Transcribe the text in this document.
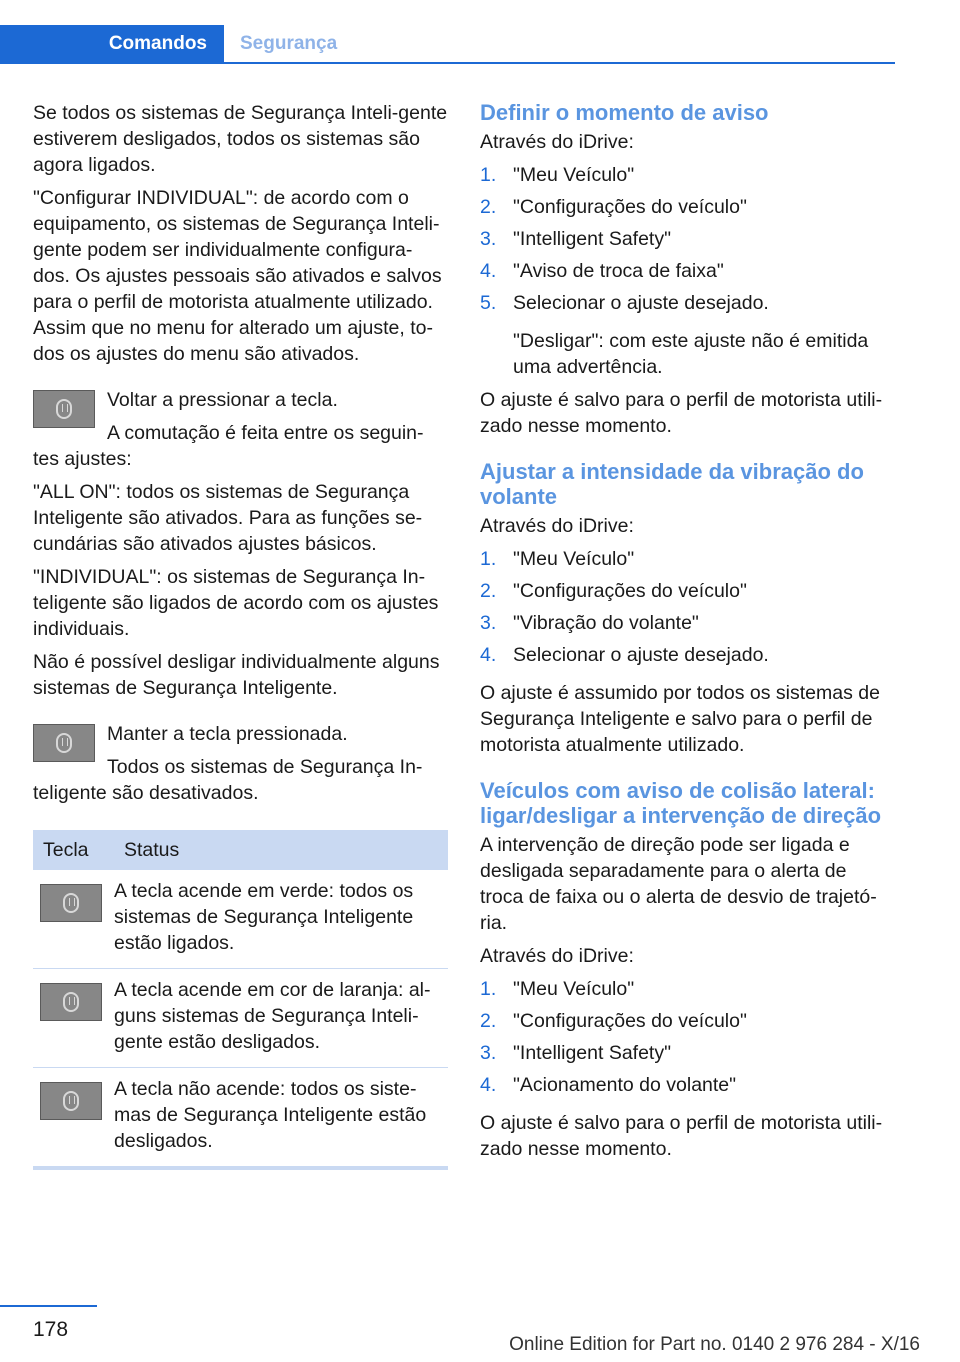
Comandos	Segurança

Se todos os sistemas de Segurança Inteli-gente estiverem desligados, todos os sistemas são agora ligados.

"Configurar INDIVIDUAL": de acordo com o equipamento, os sistemas de Segurança Inteli-gente podem ser individualmente configura-dos. Os ajustes pessoais são ativados e salvos para o perfil de motorista atualmente utilizado. Assim que no menu for alterado um ajuste, to-dos os ajustes do menu são ativados.

Voltar a pressionar a tecla.

A comutação é feita entre os seguin-tes ajustes:

"ALL ON": todos os sistemas de Segurança Inteligente são ativados. Para as funções se-cundárias são ativados ajustes básicos.

"INDIVIDUAL": os sistemas de Segurança In-teligente são ligados de acordo com os ajustes individuais.

Não é possível desligar individualmente alguns sistemas de Segurança Inteligente.

Manter a tecla pressionada.

Todos os sistemas de Segurança In-teligente são desativados.

Tecla	Status

	A tecla acende em verde: todos os sistemas de Segurança Inteligente estão ligados.

	A tecla acende em cor de laranja: al-guns sistemas de Segurança Inteli-gente estão desligados.

	A tecla não acende: todos os siste-mas de Segurança Inteligente estão desligados.
Definir o momento de aviso

Através do iDrive:

1. "Meu Veículo"
2. "Configurações do veículo"
3. "Intelligent Safety"
4. "Aviso de troca de faixa"
5. Selecionar o ajuste desejado.

"Desligar": com este ajuste não é emitida uma advertência.

O ajuste é salvo para o perfil de motorista utili-zado nesse momento.

Ajustar a intensidade da vibração do volante

Através do iDrive:

1. "Meu Veículo"
2. "Configurações do veículo"
3. "Vibração do volante"
4. Selecionar o ajuste desejado.

O ajuste é assumido por todos os sistemas de Segurança Inteligente e salvo para o perfil de motorista atualmente utilizado.

Veículos com aviso de colisão lateral: ligar/desligar a intervenção de direção

A intervenção de direção pode ser ligada e desligada separadamente para o alerta de troca de faixa ou o alerta de desvio de trajetó-ria.

Através do iDrive:

1. "Meu Veículo"
2. "Configurações do veículo"
3. "Intelligent Safety"
4. "Acionamento do volante"

O ajuste é salvo para o perfil de motorista utili-zado nesse momento.

178
Online Edition for Part no. 0140 2 976 284 - X/16
